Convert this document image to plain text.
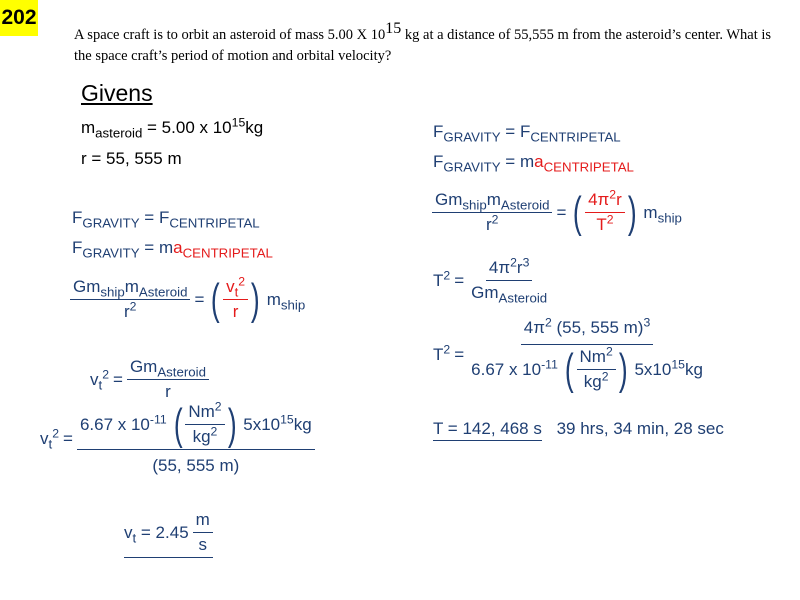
202
A space craft is to orbit an asteroid of mass 5.00 X $10^{15}$ kg at a distance of 55,555 m from the asteroid’s center. What is the space craft’s period of motion and orbital velocity?
Givens
$m_{asteroid} = 5.00$ x $10^{15}kg$
r = 55, 555 m
$F_{GRAVITY} = F_{CENTRIPETAL}$
$F_{GRAVITY} = ma_{CENTRIPETAL}$
$\frac{Gm_{ship}m_{Asteroid}}{r^2}$ = ( $\frac{v_t^2}{r}$ ) $m_{ship}$
$v_t^2 = \frac{Gm_{Asteroid}}{r}$
$v_t^2 = \frac{6.67 x 10^{-11} ( \frac{Nm^2}{kg^2} ) 5x10^{15}kg}{(55, 555 m)}$
$v_t = 2.45 \frac{m}{s}$
$F_{GRAVITY} = F_{CENTRIPETAL}$
$F_{GRAVITY} = ma_{CENTRIPETAL}$
$\frac{Gm_{ship}m_{Asteroid}}{r^2}$ = ( $\frac{4\pi^2r}{T^2}$ ) $m_{ship}$
$T^2 = \frac{4\pi^2r^3}{Gm_{Asteroid}}$
$T^2 = \frac{4\pi^2 (55, 555 m)^3}{6.67 x 10^{-11} ( \frac{Nm^2}{kg^2} ) 5x10^{15}kg}$
T = 142, 468 s 39 hrs, 34 min, 28 sec
